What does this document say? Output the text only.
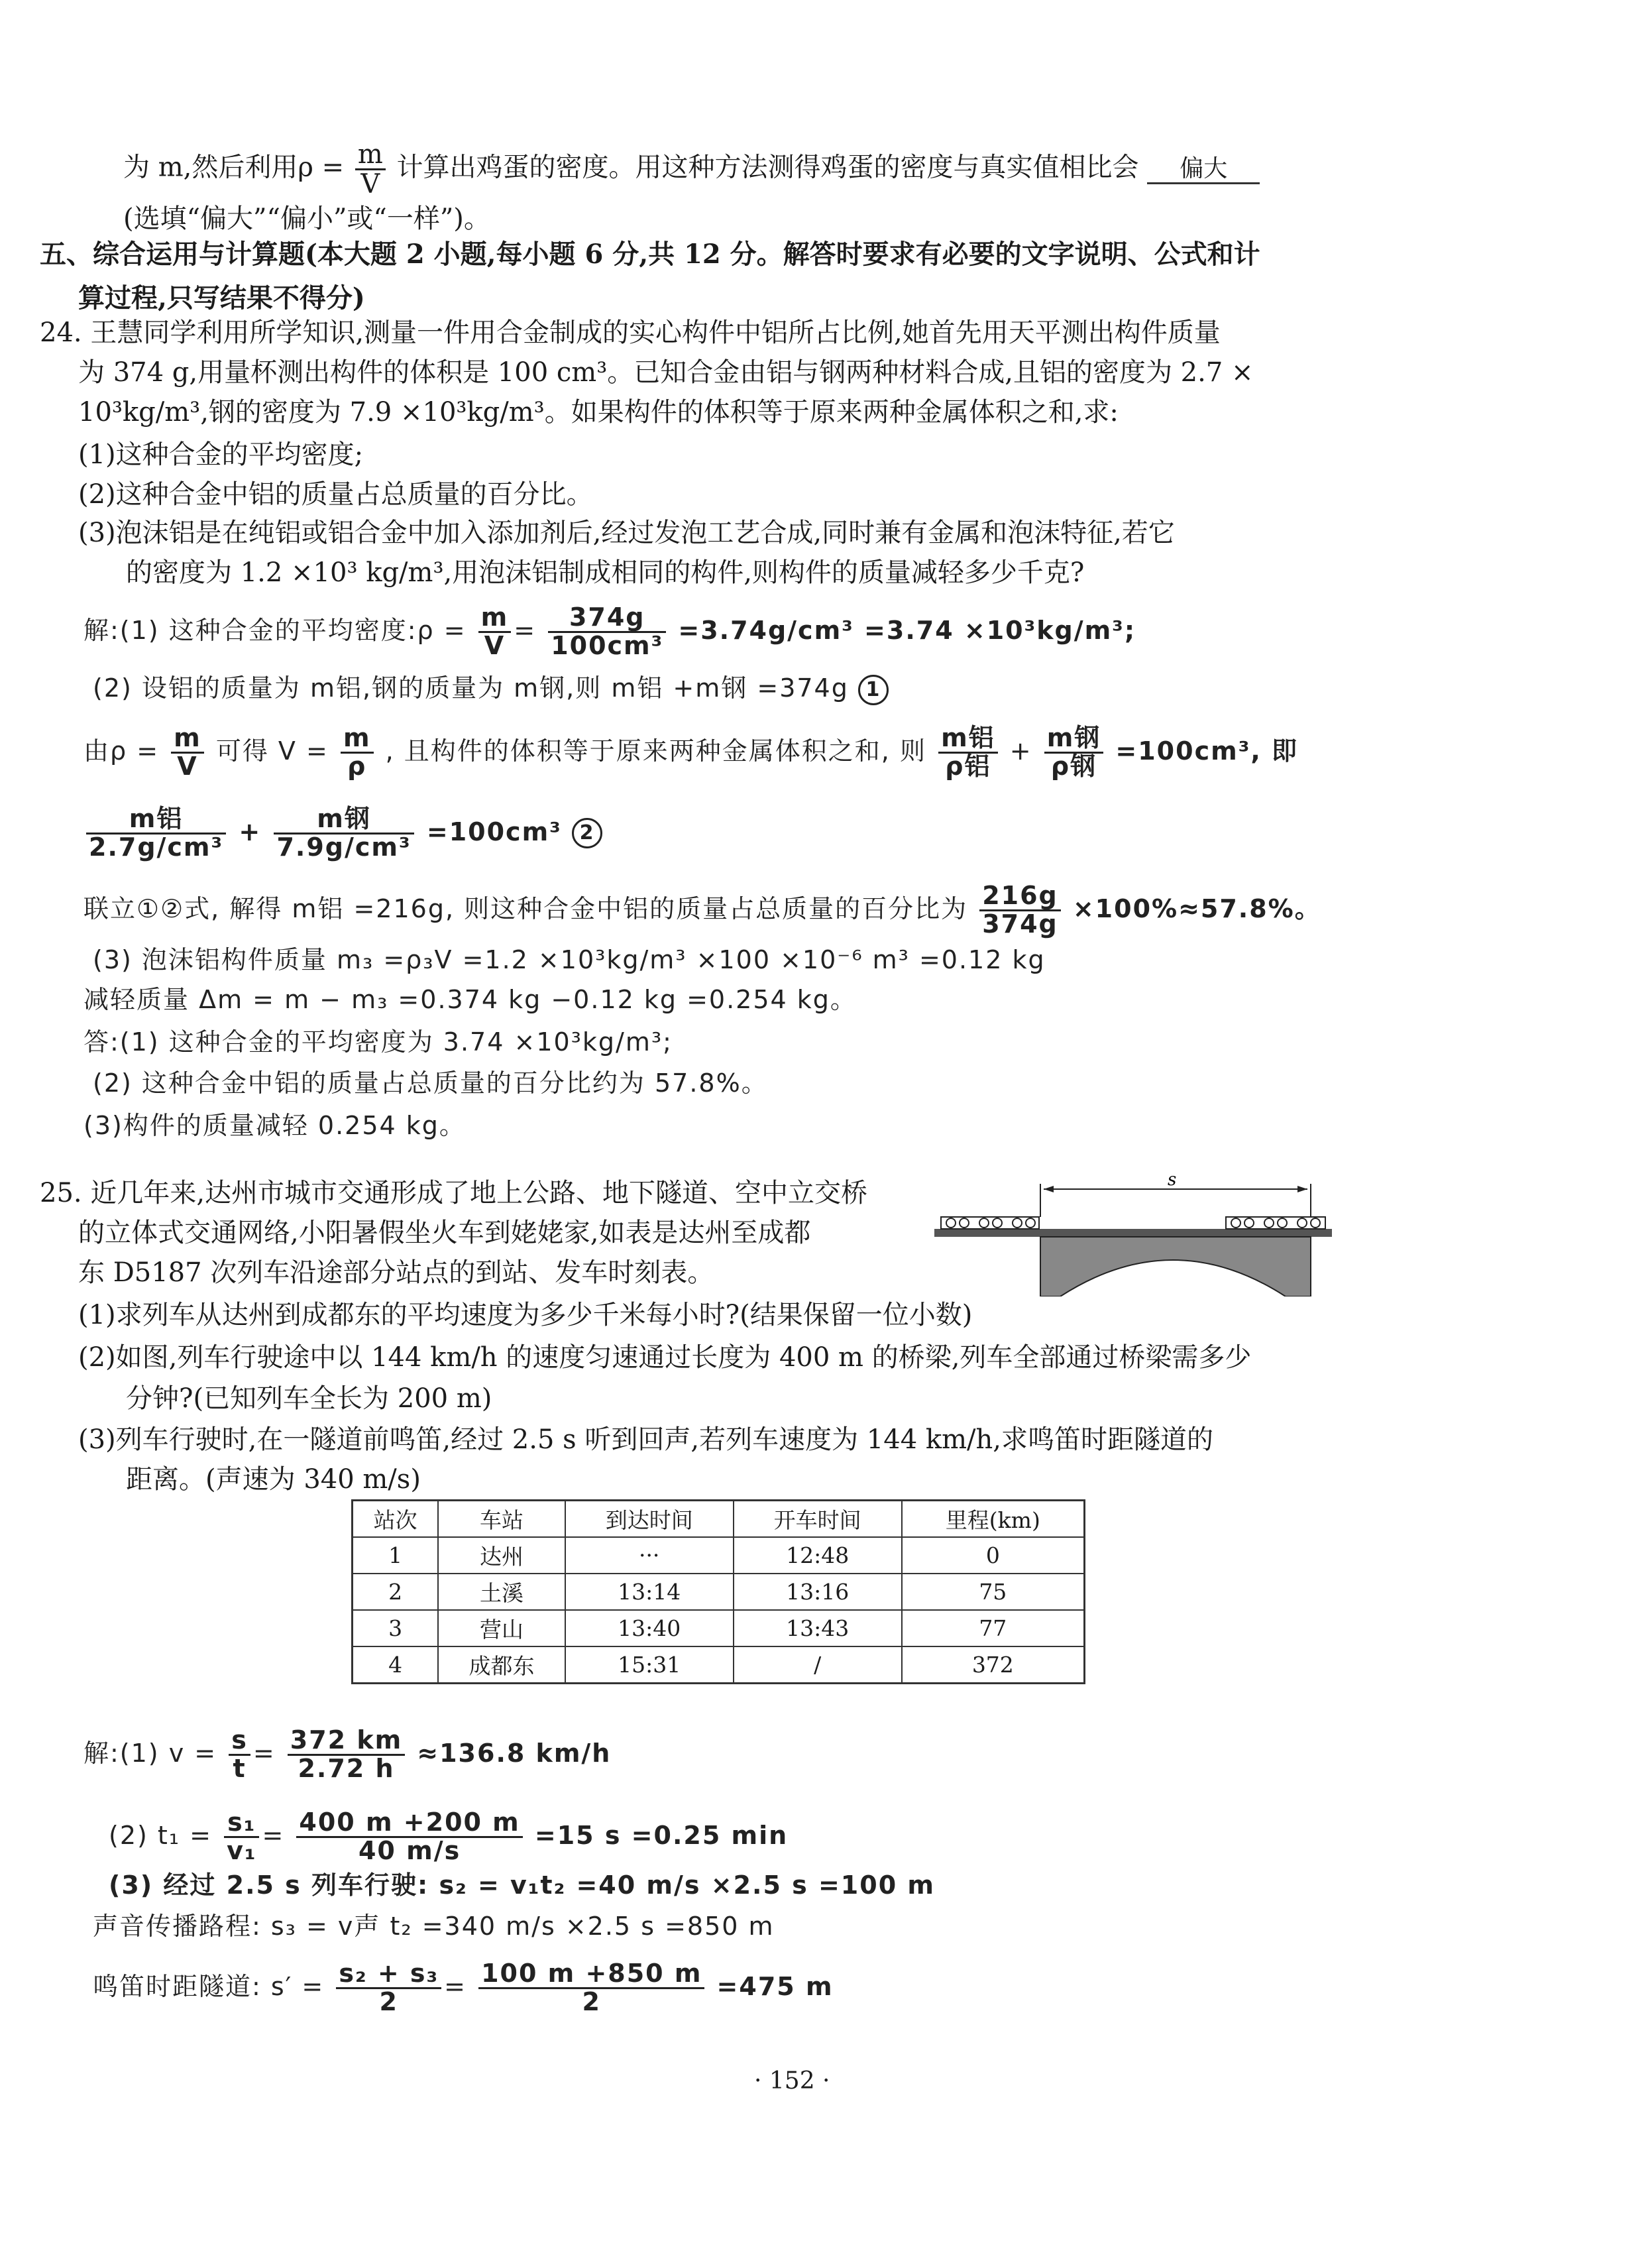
为 m,然后利用$\rho = \frac{m}{V}$ 计算出鸡蛋的密度。用这种方法测得鸡蛋的密度与真实值相比会 偏大
(选填“偏大”“偏小”或“一样”)。
五、综合运用与计算题(本大题 2 小题,每小题 6 分,共 12 分。解答时要求有必要的文字说明、公式和计
算过程,只写结果不得分)
24. 王慧同学利用所学知识,测量一件用合金制成的实心构件中铝所占比例,她首先用天平测出构件质量
为 374 g,用量杯测出构件的体积是 100 cm³。已知合金由铝与钢两种材料合成,且铝的密度为 2.7 ×
10³kg/m³,钢的密度为 7.9 ×10³kg/m³。如果构件的体积等于原来两种金属体积之和,求:
(1)这种合金的平均密度;
(2)这种合金中铝的质量占总质量的百分比。
(3)泡沫铝是在纯铝或铝合金中加入添加剂后,经过发泡工艺合成,同时兼有金属和泡沫特征,若它
的密度为 1.2 ×10³ kg/m³,用泡沫铝制成相同的构件,则构件的质量减轻多少千克?
解:(1) 这种合金的平均密度:ρ = $\frac{m}{V} = \frac{374g}{\text{100cm³}} =3.74g/cm^3 =3.74 \times 10^3kg/m^3$;
(2) 设铝的质量为 m铝,钢的质量为 m钢,则 m铝 +m钢 =374g 1
由$\rho = \frac{m}{V}$ 可得 $V = \frac{m}{\rho}$ , 且构件的体积等于原来两种金属体积之和, 则 $\frac{\text{m铝}}{\text{ρ铝}} + \frac{\text{m钢}}{\text{ρ钢}} =100cm^3$, 即
$\frac{\text{m铝}}{\text{2.7g/cm³}} + \frac{\text{m钢}}{\text{7.9g/cm³}} =100cm^3$ 2
联立①②式, 解得 m铝 =216g, 则这种合金中铝的质量占总质量的百分比为 $\frac{216g}{374g} \times 100\%\approx 57.8\%$。
(3) 泡沫铝构件质量 m₃ =ρ₃V =1.2 ×10³kg/m³ ×100 ×10⁻⁶ m³ =0.12 kg
减轻质量 Δm = m − m₃ =0.374 kg −0.12 kg =0.254 kg。
答:(1) 这种合金的平均密度为 3.74 ×10³kg/m³;
(2) 这种合金中铝的质量占总质量的百分比约为 57.8%。
(3)构件的质量减轻 0.254 kg。
25. 近几年来,达州市城市交通形成了地上公路、地下隧道、空中立交桥
的立体式交通网络,小阳暑假坐火车到姥姥家,如表是达州至成都
东 D5187 次列车沿途部分站点的到站、发车时刻表。
s
(1)求列车从达州到成都东的平均速度为多少千米每小时?(结果保留一位小数)
(2)如图,列车行驶途中以 144 km/h 的速度匀速通过长度为 400 m 的桥梁,列车全部通过桥梁需多少
分钟?(已知列车全长为 200 m)
(3)列车行驶时,在一隧道前鸣笛,经过 2.5 s 听到回声,若列车速度为 144 km/h,求鸣笛时距隧道的
距离。(声速为 340 m/s)
站次	车站	到达时间	开车时间	里程(km)
1	达州	···	12:48	0
2	土溪	13:14	13:16	75
3	营山	13:40	13:43	77
4	成都东	15:31	/	372
解:(1) $v = \frac{s}{t} = \frac{372 km}{2.72 h} \approx 136.8$ km/h
(2) $t_1 = \frac{\text{s₁}}{\text{v₁}} = \frac{400 m +200 m}{40 m/s} =15$ s =0.25 min
(3) 经过 2.5 s 列车行驶: s₂ = v₁t₂ =40 m/s ×2.5 s =100 m
声音传播路程: s₃ = v声 t₂ =340 m/s ×2.5 s =850 m
鸣笛时距隧道: $s' = \frac{\text{s₂ + s₃}}{2} = \frac{100 m +850 m}{2} =475$ m
· 152 ·
